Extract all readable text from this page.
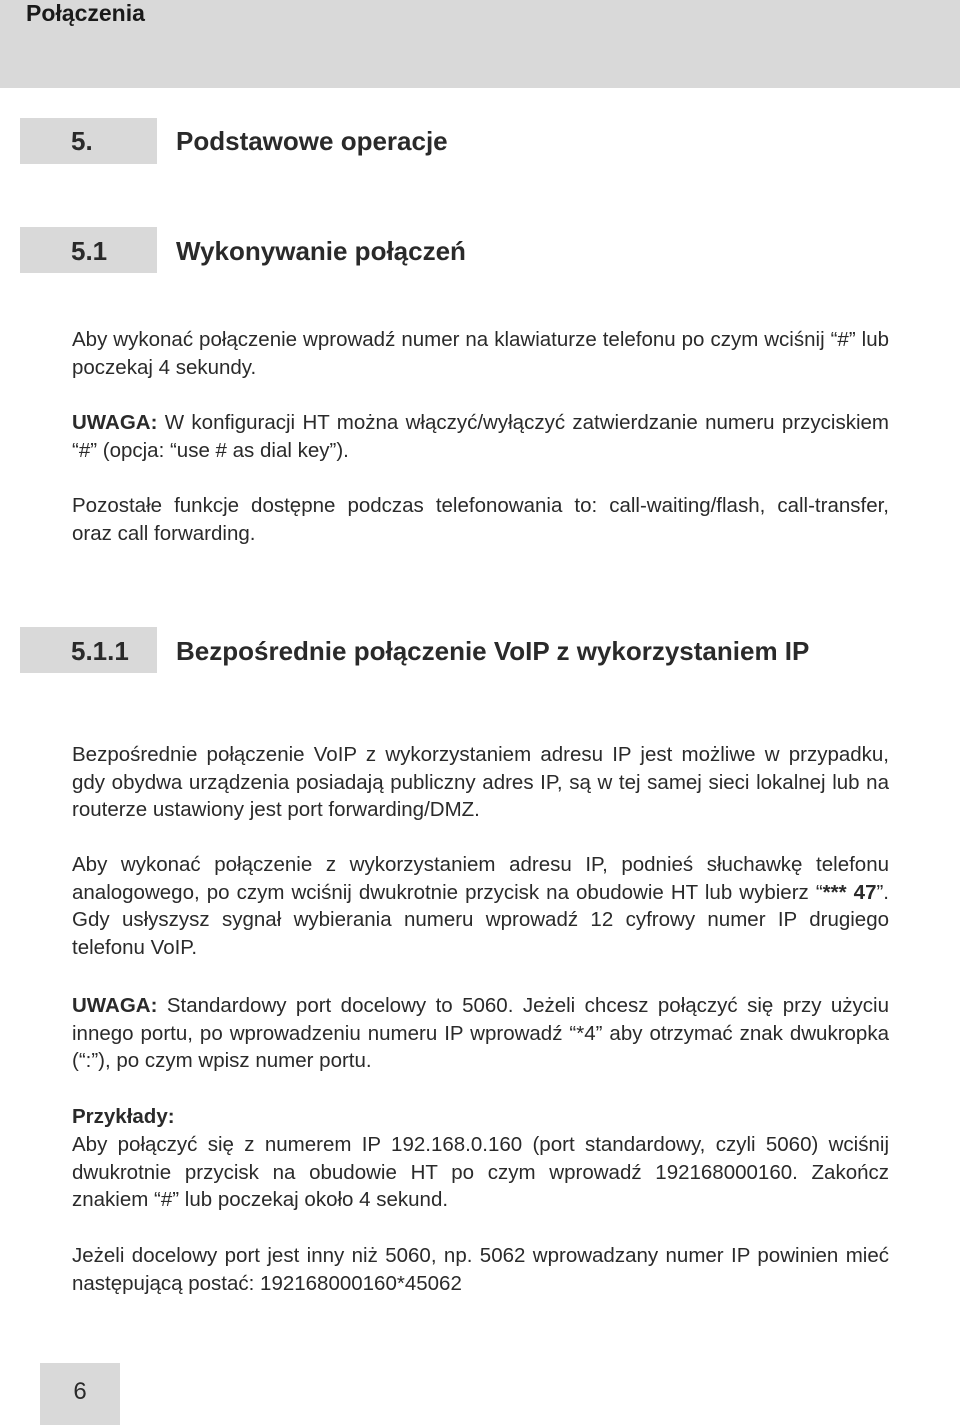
Połączenia
5.	Podstawowe operacje
5.1	Wykonywanie połączeń

Aby wykonać połączenie wprowadź numer na klawiaturze telefonu po czym wciśnij “#” lub poczekaj 4 sekundy.

UWAGA: W konfiguracji HT można włączyć/wyłączyć zatwierdzanie numeru przyciskiem “#” (opcja: “use # as dial key”).

Pozostałe funkcje dostępne podczas telefonowania to: call-waiting/flash, call-transfer, oraz call forwarding.

5.1.1 Bezpośrednie połączenie VoIP z wykorzystaniem IP

Bezpośrednie połączenie VoIP z wykorzystaniem adresu IP jest możliwe w przypadku, gdy obydwa urządzenia posiadają publiczny adres IP, są w tej samej sieci lokalnej lub na routerze ustawiony jest port forwarding/DMZ.

Aby wykonać połączenie z wykorzystaniem adresu IP, podnieś słuchawkę telefonu analogowego, po czym wciśnij dwukrotnie przycisk na obudowie HT lub wybierz “*** 47”. Gdy usłyszysz sygnał wybierania numeru wprowadź 12 cyfrowy numer IP drugiego telefonu VoIP.

UWAGA: Standardowy port docelowy to 5060. Jeżeli chcesz połączyć się przy użyciu innego portu, po wprowadzeniu numeru IP wprowadź “*4” aby otrzymać znak dwukropka (“:”), po czym wpisz numer portu.

Przykłady:

Aby połączyć się z numerem IP 192.168.0.160 (port standardowy, czyli 5060) wciśnij dwukrotnie przycisk na obudowie HT po czym wprowadź 192168000160. Zakończ znakiem “#” lub poczekaj około 4 sekund.

Jeżeli docelowy port jest inny niż 5060, np. 5062 wprowadzany numer IP powinien mieć następującą postać: 192168000160*45062

6
